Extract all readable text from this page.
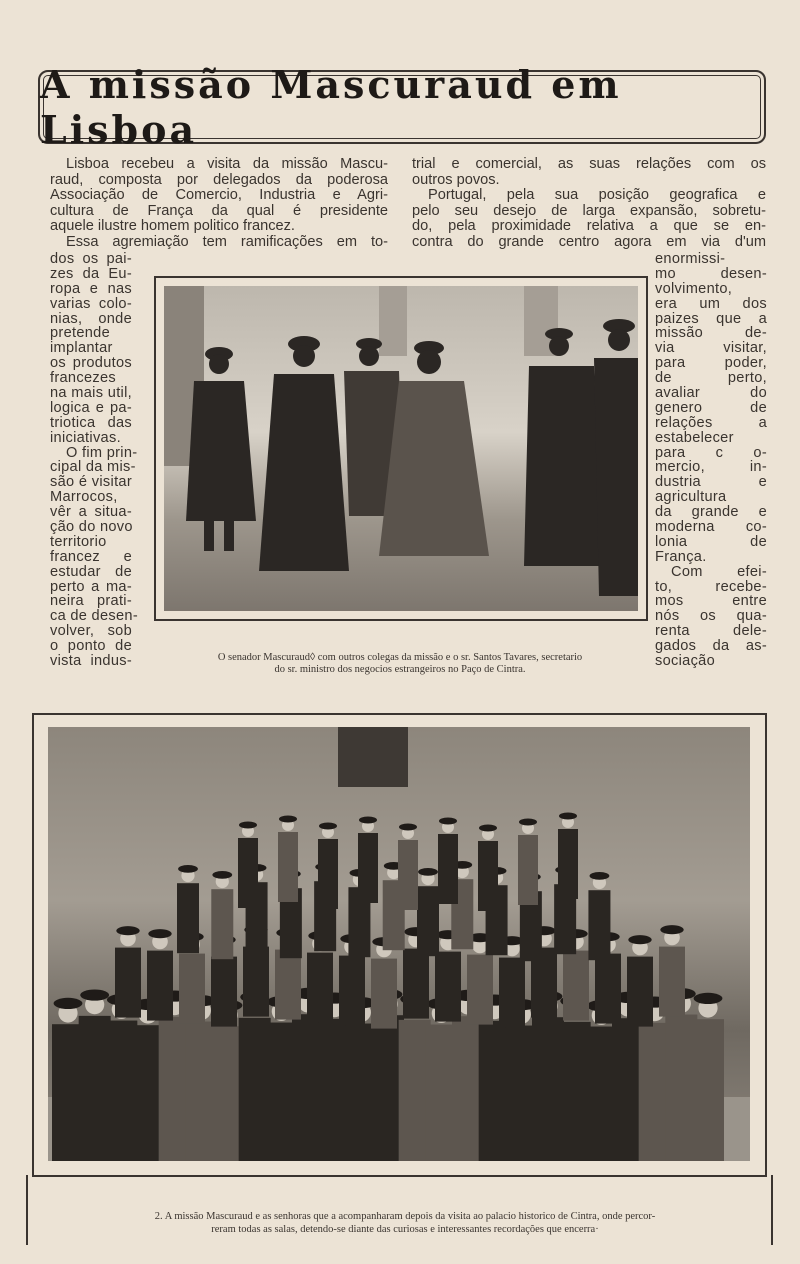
A missão Mascuraud em Lisboa
Lisboa recebeu a visita da missão Mascu-
raud, composta por delegados da poderosa
Associação de Comercio, Industria e Agri-
cultura de França da qual é presidente
aquele ilustre homem politico francez.
Essa agremiação tem ramificações em to-
dos os pai-
zes da Eu-
ropa e nas
varias colo-
nias, onde
pretende
implantar
os produtos
francezes
na mais util,
logica e pa-
triotica das
iniciativas.
O fim prin-
cipal da mis-
são é visitar
Marrocos,
vêr a situa-
ção do novo
territorio
francez e
estudar de
perto a ma-
neira prati-
ca de desen-
volver, sob
o ponto de
vista indus-
trial e comercial, as suas relações com os
outros povos.
Portugal, pela sua posição geografica e
pelo seu desejo de larga expansão, sobretu-
do, pela proximidade relativa a que se en-
contra do grande centro agora em via d'um
enormissi-
mo desen-
volvimento,
era um dos
paizes que a
missão de-
via visitar,
para poder,
de perto,
avaliar do
genero de
relações a
estabelecer
para c o-
mercio, in-
dustria e
agricultura
da grande e
moderna co-
lonia de
França.
Com efei-
to, recebe-
mos entre
nós os qua-
renta dele-
gados da as-
sociação
O senador Mascuraud◊ com outros colegas da missão e o sr. Santos Tavares, secretario
do sr. ministro dos negocios estrangeiros no Paço de Cintra.
2. A missão Mascuraud e as senhoras que a acompanharam depois da visita ao palacio historico de Cintra, onde percor-
reram todas as salas, detendo-se diante das curiosas e interessantes recordações que encerra·
